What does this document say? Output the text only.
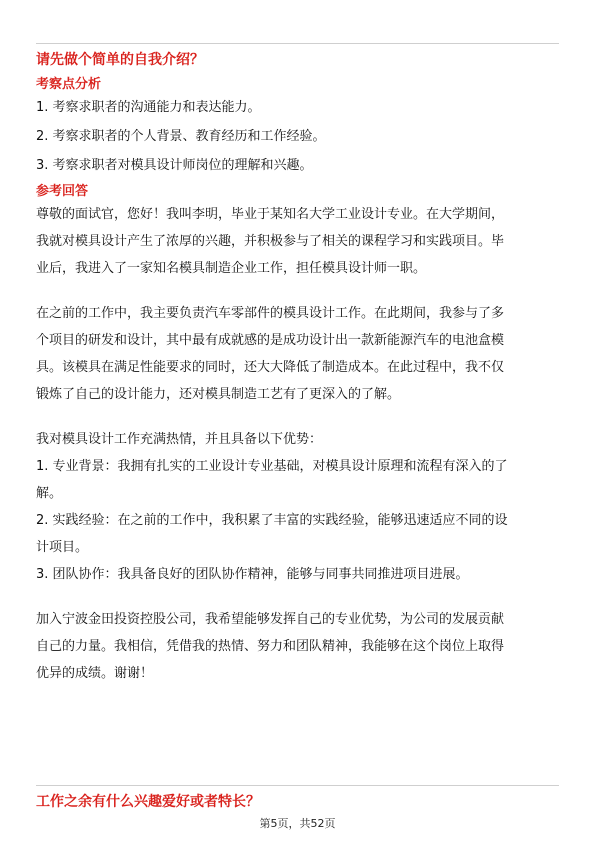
请先做个简单的自我介绍？

考察点分析

1. 考察求职者的沟通能力和表达能力。

2. 考察求职者的个人背景、教育经历和工作经验。

3. 考察求职者对模具设计师岗位的理解和兴趣。

参考回答

尊敬的面试官，您好！我叫李明，毕业于某知名大学工业设计专业。在大学期间，

我就对模具设计产生了浓厚的兴趣，并积极参与了相关的课程学习和实践项目。毕

业后，我进入了一家知名模具制造企业工作，担任模具设计师一职。

在之前的工作中，我主要负责汽车零部件的模具设计工作。在此期间，我参与了多

个项目的研发和设计，其中最有成就感的是成功设计出一款新能源汽车的电池盒模

具。该模具在满足性能要求的同时，还大大降低了制造成本。在此过程中，我不仅

锻炼了自己的设计能力，还对模具制造工艺有了更深入的了解。

我对模具设计工作充满热情，并且具备以下优势：

1. 专业背景：我拥有扎实的工业设计专业基础，对模具设计原理和流程有深入的了

解。

2. 实践经验：在之前的工作中，我积累了丰富的实践经验，能够迅速适应不同的设

计项目。

3. 团队协作：我具备良好的团队协作精神，能够与同事共同推进项目进展。

加入宁波金田投资控股公司，我希望能够发挥自己的专业优势，为公司的发展贡献

自己的力量。我相信，凭借我的热情、努力和团队精神，我能够在这个岗位上取得

优异的成绩。谢谢！

工作之余有什么兴趣爱好或者特长？

第5页，共52页
